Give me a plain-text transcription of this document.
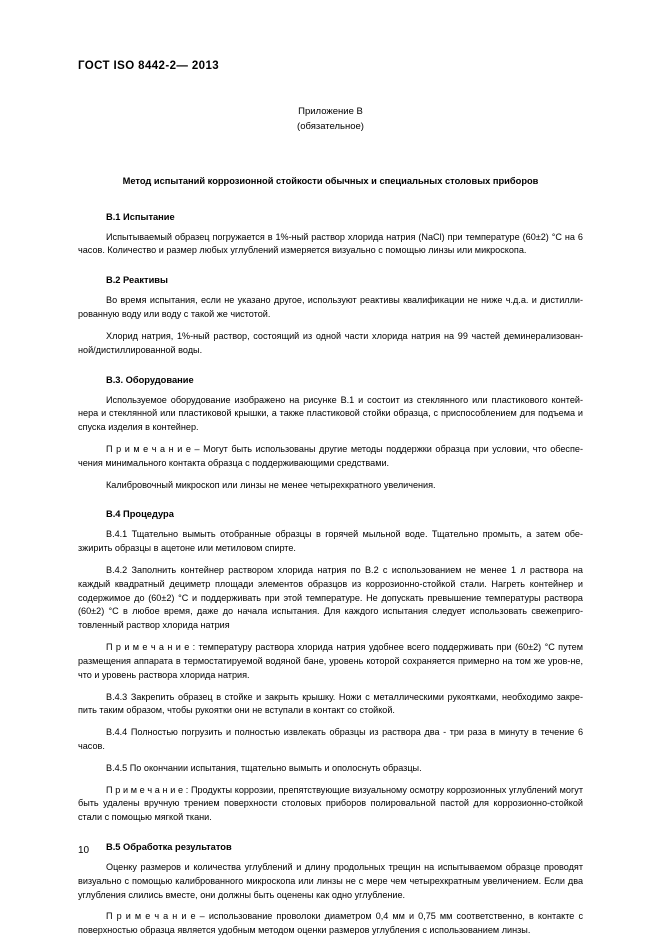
ГОСТ ISO 8442-2— 2013
Приложение В
(обязательное)
Метод испытаний коррозионной стойкости обычных и специальных столовых приборов
В.1 Испытание

Испытываемый образец погружается в 1%-ный раствор хлорида натрия (NaCl) при температуре (60±2) °С на 6 часов. Количество и размер любых углублений измеряется визуально с помощью линзы или микроскопа.

В.2 Реактивы

Во время испытания, если не указано другое, используют реактивы квалификации не ниже ч.д.а. и дистилли-рованную воду или воду с такой же чистотой.

Хлорид натрия, 1%-ный раствор, состоящий из одной части хлорида натрия на 99 частей деминерализован-ной/дистиллированной воды.

В.3. Оборудование

Используемое оборудование изображено на рисунке В.1 и состоит из стеклянного или пластикового контей-нера и стеклянной или пластиковой крышки, а также пластиковой стойки образца, с приспособлением для подъема и спуска изделия в контейнер.

П р и м е ч а н и е – Могут быть использованы другие методы поддержки образца при условии, что обеспе-чения минимального контакта образца с поддерживающими средствами.

Калибровочный микроскоп или линзы не менее четырехкратного увеличения.

В.4 Процедура

В.4.1 Тщательно вымыть отобранные образцы в горячей мыльной воде. Тщательно промыть, а затем обе-зжирить образцы в ацетоне или метиловом спирте.

В.4.2 Заполнить контейнер раствором хлорида натрия по В.2 с использованием не менее 1 л раствора на каждый квадратный дециметр площади элементов образцов из коррозионно-стойкой стали. Нагреть контейнер и содержимое до (60±2) °С и поддерживать при этой температуре. Не допускать превышение температуры раствора (60±2) °С в любое время, даже до начала испытания. Для каждого испытания следует использовать свежеприго-товленный раствор хлорида натрия

П р и м е ч а н и е : температуру раствора хлорида натрия удобнее всего поддерживать при (60±2) °С путем размещения аппарата в термостатируемой водяной бане, уровень которой сохраняется примерно на том же уров-не, что и уровень раствора хлорида натрия.

В.4.3 Закрепить образец в стойке и закрыть крышку. Ножи с металлическими рукоятками, необходимо закре-пить таким образом, чтобы рукоятки они не вступали в контакт со стойкой.

В.4.4 Полностью погрузить и полностью извлекать образцы из раствора два - три раза в минуту в течение 6 часов.

В.4.5 По окончании испытания, тщательно вымыть и ополоснуть образцы.

П р и м е ч а н и е : Продукты коррозии, препятствующие визуальному осмотру коррозионных углублений могут быть удалены вручную трением поверхности столовых приборов полировальной пастой для коррозионно-стойкой стали с помощью мягкой ткани.

В.5 Обработка результатов

Оценку размеров и количества углублений и длину продольных трещин на испытываемом образце проводят визуально с помощью калиброванного микроскопа или линзы не с мере чем четырехкратным увеличением. Если два углубления слились вместе, они должны быть оценены как одно углубление.

П р и м е ч а н и е – использование проволоки диаметром 0,4 мм и 0,75 мм соответственно, в контакте с поверхностью образца является удобным методом оценки размеров углубления с использованием линзы.

10
